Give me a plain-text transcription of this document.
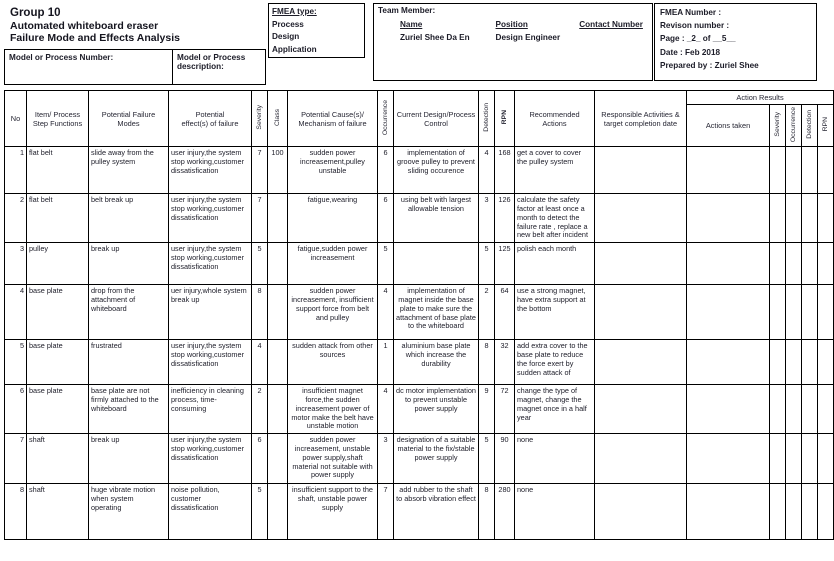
Group 10
Automated whiteboard eraser
Failure Mode and Effects Analysis
Model or Process Number:	Model or Process description:
FMEA type:
Process
Design
Application
Team Member:
Name	Position	Contact Number
Zuriel Shee Da En	Design Engineer
FMEA Number :
Revison number :
Page : _2_ of __5__
Date : Feb 2018
Prepared by : Zuriel Shee
No	Item/ Process
Step Functions	Potential Failure Modes	Potential
effect(s) of failure	Severity	Class	Potential Cause(s)/
Mechanism of failure	Occurrence	Current Design/Process
Control	Detection	RPN	Recommended Actions	Responsible Activities &
target completion date	Action Results				
													Actions taken	Severity	Occurrence	Detection	RPN
1	flat belt	slide away from the pulley system	user injury,the system stop working,customer dissatisfication	7	100	sudden power increasement,pulley unstable	6	implementation of groove pulley to prevent sliding occurence	4	168	get a cover to cover the pulley system						
2	flat belt	belt break up	user injury,the system stop working,customer dissatisfication	7		fatigue,wearing	6	using belt with largest allowable tension	3	126	calculate the safety factor at least once a month to detect the failure rate , replace a new belt after incident						
3	pulley	break up	user injury,the system stop working,customer dissatisfication	5		fatigue,sudden power increasement	5		5	125	polish each month						
4	base plate	drop from the attachment of whiteboard	uer injury,whole system break up	8		sudden power increasement, insufficient support force from belt and pulley	4	implementation of magnet inside the base plate to make sure the attachment of base plate to the whiteboard	2	64	use a strong magnet, have extra support at the bottom						
5	base plate	frustrated	user injury,the system stop working,customer dissatisfication	4		sudden attack from other sources	1	aluminium base plate which increase the durability	8	32	add extra cover to the base plate to reduce the force exert by sudden attack of						
6	base plate	base plate are not firmly attached to the whiteboard	inefficiency in cleaning process, time-consuming	2		insufficient magnet force,the sudden increasement power of motor make the belt have unstable motion	4	dc motor implementation to prevent unstable power supply	9	72	change the type of magnet, change the magnet once in a half year						
7	shaft	break up	user injury,the system stop working,customer dissatisfication	6		sudden power increasement, unstable power supply,shaft material not suitable with power supply	3	designation of a suitable material to the fix/stable power supply	5	90	none						
8	shaft	huge vibrate motion when system operating	noise pollution, customer dissatisfication	5		insufficient support to the shaft, unstable power supply	7	add rubber to the shaft to absorb vibration effect	8	280	none						
